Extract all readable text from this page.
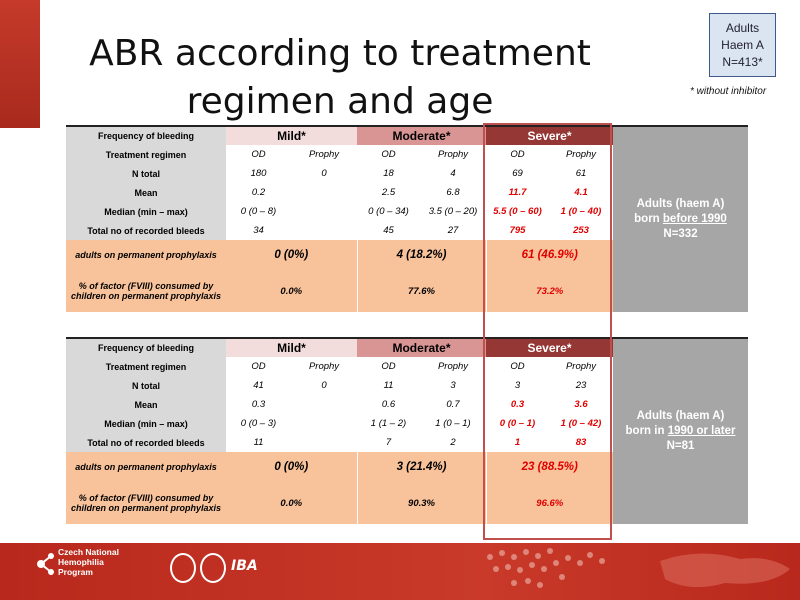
ABR according to treatment
regimen and age
Adults
Haem A
N=413*
* without inhibitor
Frequency of bleeding	Mild*		Moderate*		Severe*		Adults (haem A)
born before 1990
N=332

Treatment regimen	OD	Prophy	OD	Prophy	OD	Prophy	
N total	180	0	18	4	69	61	
Mean	0.2		2.5	6.8	11.7	4.1	
Median (min – max)	0 (0 – 8)		0 (0 – 34)	3.5 (0 – 20)	5.5 (0 – 60)	1 (0 – 40)	
Total no of recorded bleeds	34		45	27	795	253	
adults on permanent prophylaxis	0 (0%)		4 (18.2%)		61 (46.9%)		
% of factor (FVIII) consumed by children on permanent prophylaxis	0.0%		77.6%		73.2%		
Frequency of bleeding	Mild*		Moderate*		Severe*		Adults (haem A)
born in 1990 or later
N=81

Treatment regimen	OD	Prophy	OD	Prophy	OD	Prophy	
N total	41	0	11	3	3	23	
Mean	0.3		0.6	0.7	0.3	3.6	
Median (min – max)	0 (0 – 3)		1 (1 – 2)	1 (0 – 1)	0 (0 – 1)	1 (0 – 42)	
Total no of recorded bleeds	11		7	2	1	83	
adults on permanent prophylaxis	0 (0%)		3 (21.4%)		23 (88.5%)		
% of factor (FVIII) consumed by children on permanent prophylaxis	0.0%		90.3%		96.6%		
Czech National
Hemophilia
Program	IBA
